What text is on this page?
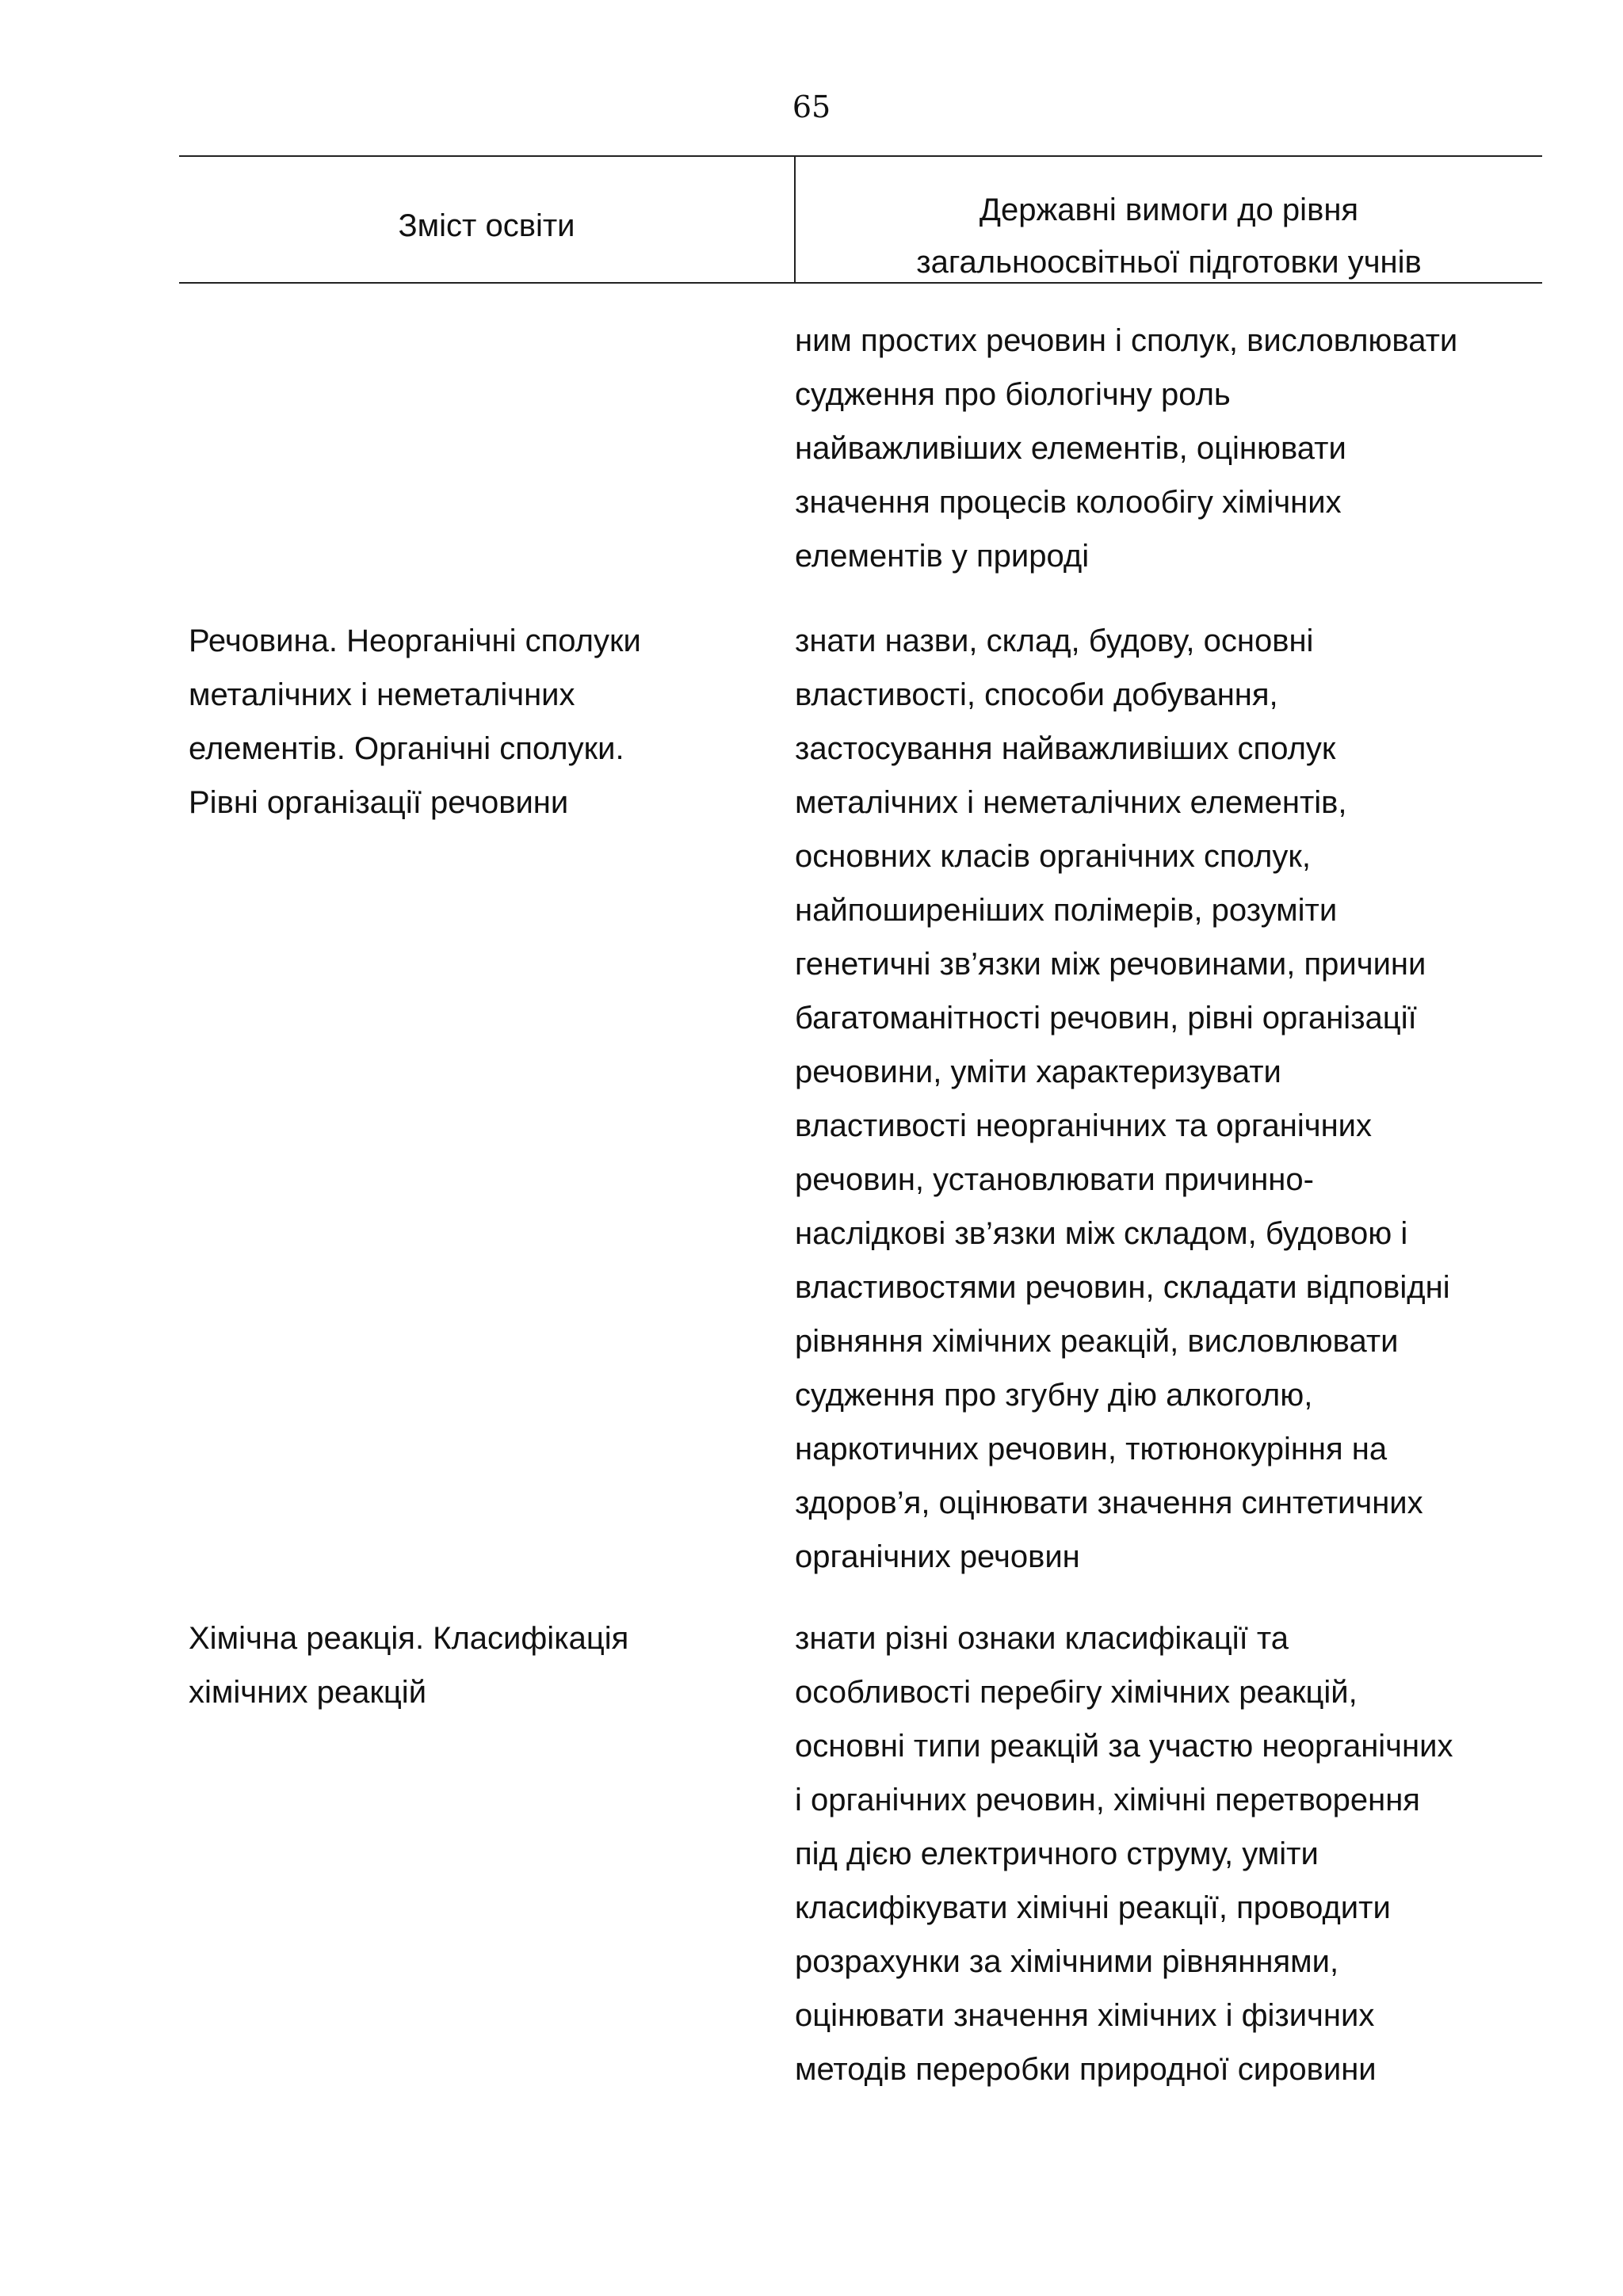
65
Зміст освіти	Державні вимоги до рівня
загальноосвітньої підготовки учнів
ним простих речовин і сполук, висловлювати
судження про біологічну роль
найважливіших елементів, оцінювати
значення процесів колообігу хімічних
елементів у природі
Речовина. Неорганічні сполуки
металічних і неметалічних
елементів. Органічні сполуки.
Рівні організації речовини
знати назви, склад, будову, основні
властивості, способи добування,
застосування найважливіших сполук
металічних і неметалічних елементів,
основних класів органічних сполук,
найпоширеніших полімерів, розуміти
генетичні зв’язки між речовинами, причини
багатоманітності речовин, рівні організації
речовини, уміти характеризувати
властивості неорганічних та органічних
речовин, установлювати причинно-
наслідкові зв’язки між складом, будовою і
властивостями речовин, складати відповідні
рівняння хімічних реакцій, висловлювати
судження про згубну дію алкоголю,
наркотичних речовин, тютюнокуріння на
здоров’я, оцінювати значення синтетичних
органічних речовин
Хімічна реакція. Класифікація
хімічних реакцій
знати різні ознаки класифікації та
особливості перебігу хімічних реакцій,
основні типи реакцій за участю неорганічних
і органічних речовин, хімічні перетворення
під дією електричного струму, уміти
класифікувати хімічні реакції, проводити
розрахунки за хімічними рівняннями,
оцінювати значення хімічних і фізичних
методів переробки природної сировини
